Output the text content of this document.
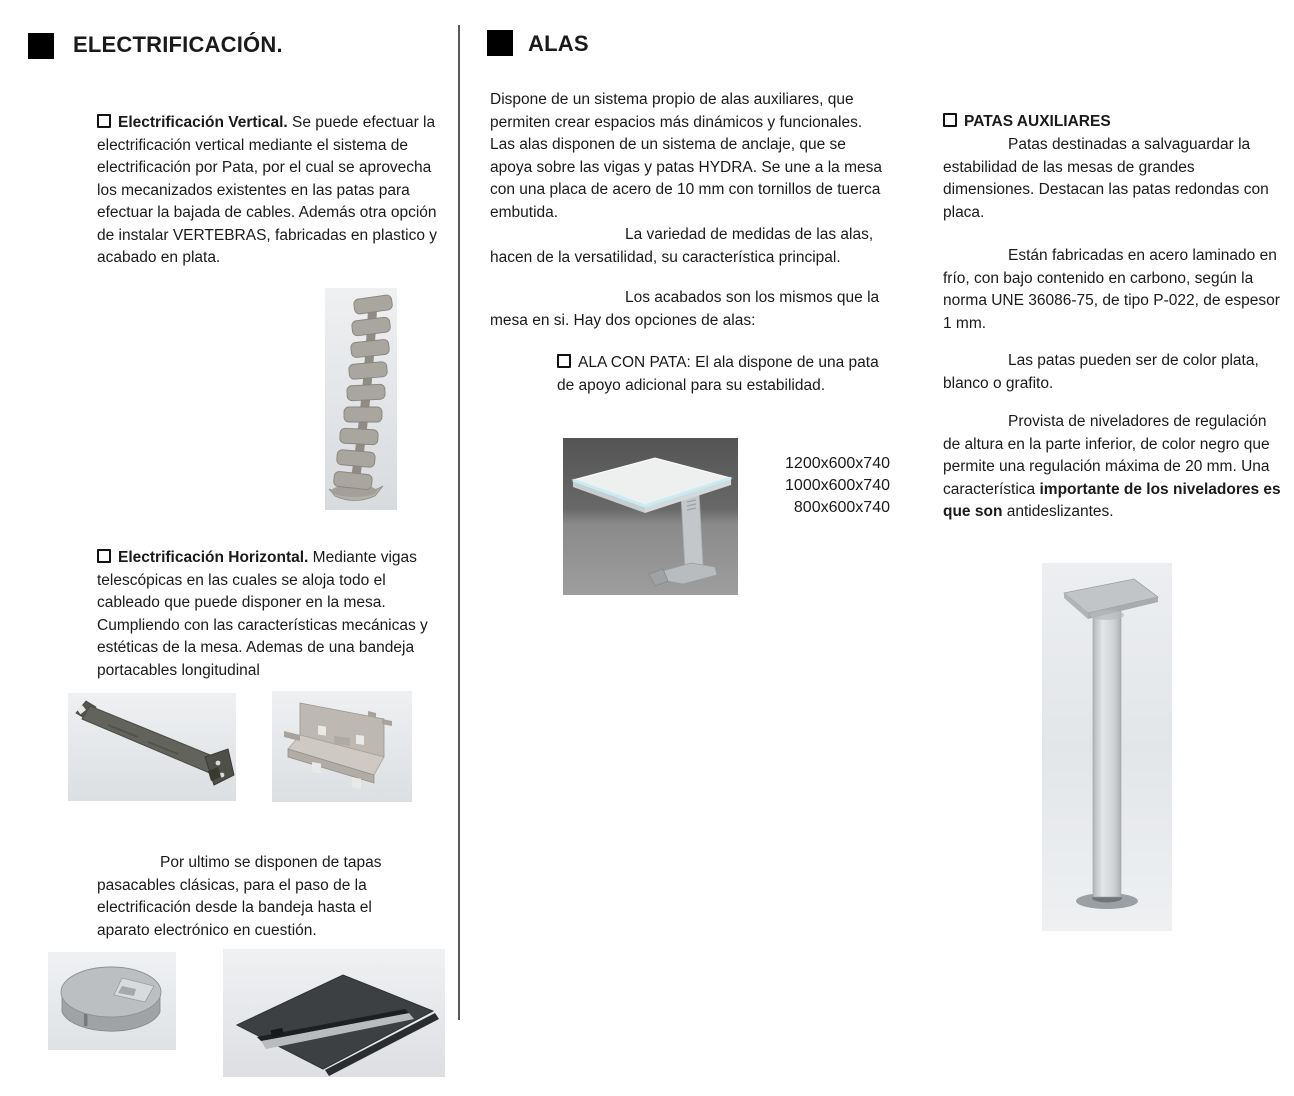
ELECTRIFICACIÓN.
Electrificación Vertical. Se puede efectuar la electrificación vertical mediante el sistema de electrificación por Pata, por el cual se aprovecha los mecanizados existentes en las patas para efectuar la bajada de cables. Además otra opción de instalar VERTEBRAS, fabricadas en plastico y acabado en plata.
Electrificación Horizontal. Mediante vigas telescópicas en las cuales se aloja todo el cableado que puede disponer en la mesa. Cumpliendo con las características mecánicas y estéticas de la mesa. Ademas de una bandeja portacables longitudinal
Por ultimo se disponen de tapas pasacables clásicas, para el paso de la electrificación desde la bandeja hasta el aparato electrónico en cuestión.
ALAS
Dispone de un sistema propio de alas auxiliares, que permiten crear espacios más dinámicos y funcionales. Las alas disponen de un sistema de anclaje, que se apoya sobre las vigas y patas HYDRA. Se une a la mesa con una placa de acero de 10 mm con tornillos de tuerca embutida.
La variedad de medidas de las alas, hacen de la versatilidad, su característica principal.
Los acabados son los mismos que la mesa en si. Hay dos opciones de alas:
ALA CON PATA: El ala dispone de una pata de apoyo adicional para su estabilidad.
1200x600x740
1000x600x740
800x600x740
PATAS AUXILIARES
Patas destinadas a salvaguardar la estabilidad de las mesas de grandes dimensiones. Destacan las patas redondas con placa.
Están fabricadas en acero laminado en frío, con bajo contenido en carbono, según la norma UNE 36086-75, de tipo P-022, de espesor 1 mm.
Las patas pueden ser de color plata, blanco o grafito.
Provista de niveladores de regulación de altura en la parte inferior, de color negro que permite una regulación máxima de 20 mm. Una característica importante de los niveladores es que son antideslizantes.
